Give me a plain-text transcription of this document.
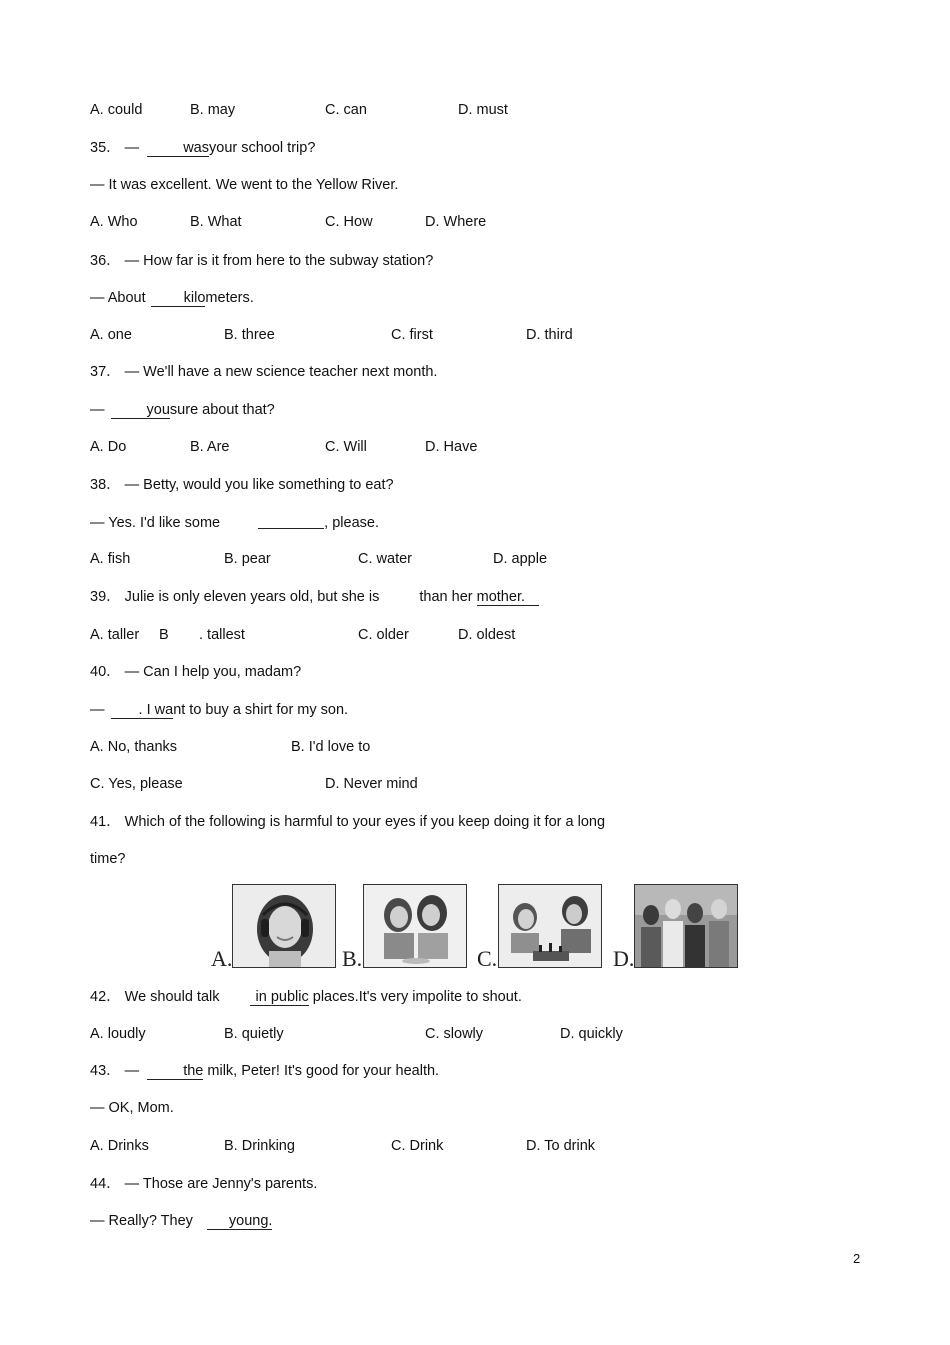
A. could	B. may	C. can	D. must
35． —	wasyour school trip?
— It was excellent. We went to the Yellow River.
A. Who	B. What	C. How	D. Where
36． — How far is it from here to the subway station?
— About	kilometers.
A. one	B. three	C. first	D. third
37． — We'll have a new science teacher next month.
—	yousure about that?
A. Do	B. Are	C. Will	D. Have
38． — Betty, would you like something to eat?
— Yes. I'd like some	, please.
A. fish	B. pear	C. water	D. apple
39． Julie is only eleven years old, but she is	than her mother.
A. taller B . tallest	C. older	D. oldest
40． — Can I help you, madam?
— . I want to buy a shirt for my son.
A. No, thanks	B. I'd love to
C. Yes, please	D. Never mind
41． Which of the following is harmful to your eyes if you keep doing it for a long
time?
A.	B.	C.	D.
42． We should talk in public places.It's very impolite to shout.
A. loudly	B. quietly	C. slowly	D. quickly
43． —	the milk, Peter! It's good for your health.
— OK, Mom.
A. Drinks	B. Drinking	C. Drink	D. To drink
44． — Those are Jenny's parents.
— Really? They young.
2
